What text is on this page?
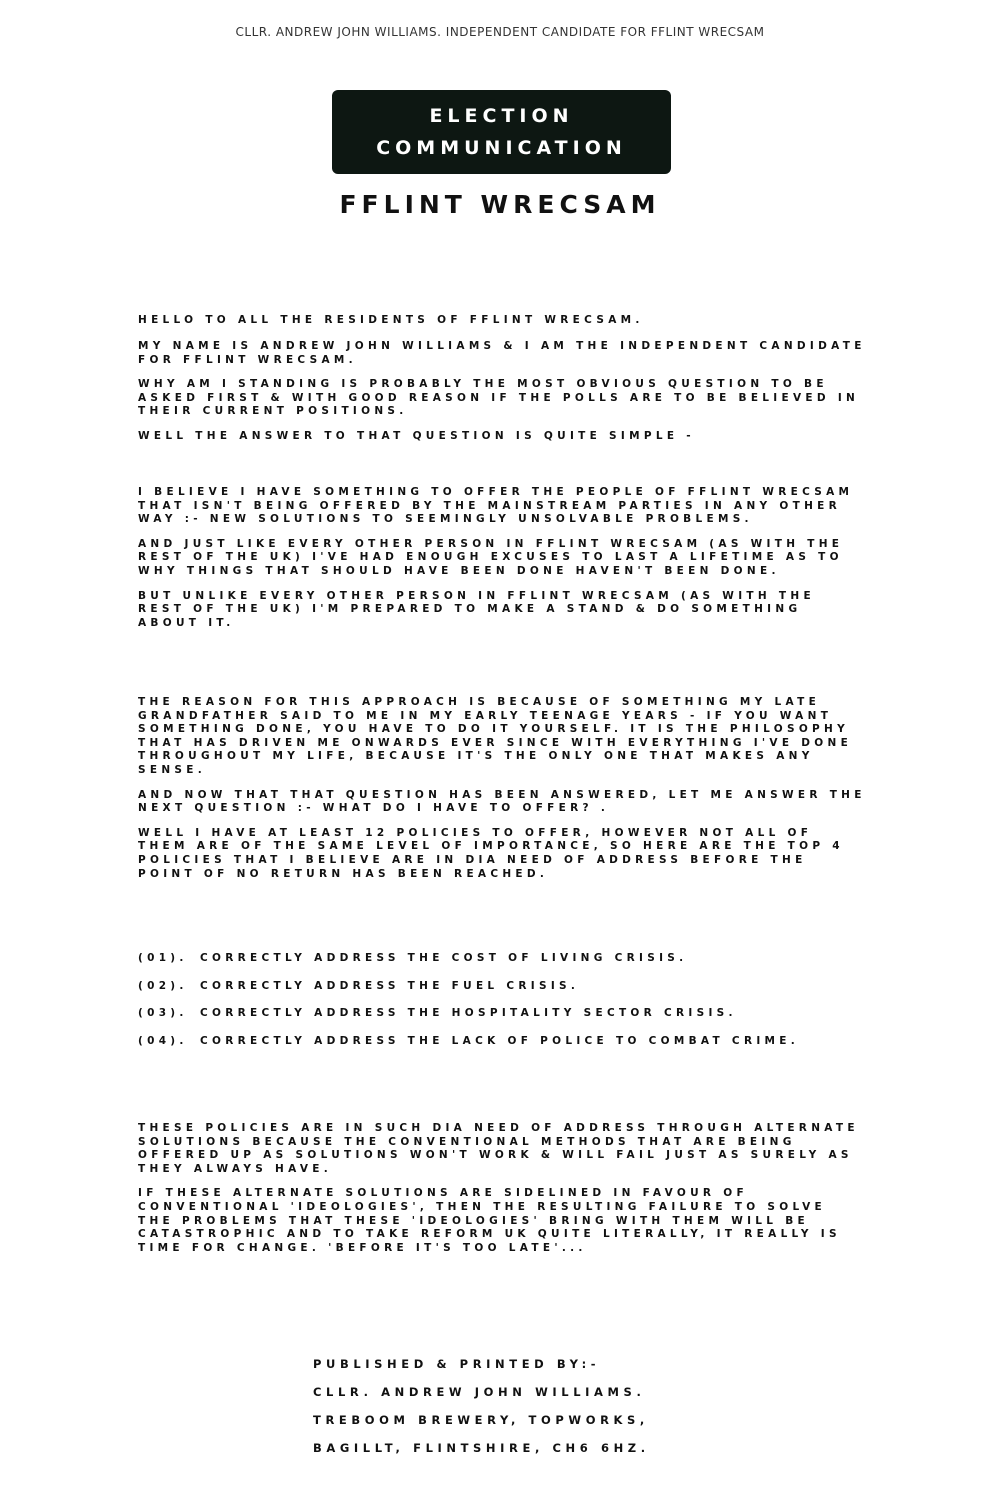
CLLR. ANDREW JOHN WILLIAMS. INDEPENDENT CANDIDATE FOR FFLINT WRECSAM
ELECTION
COMMUNICATION
FFLINT WRECSAM
HELLO TO ALL THE RESIDENTS OF FFLINT WRECSAM.

MY NAME IS ANDREW JOHN WILLIAMS & I AM THE INDEPENDENT CANDIDATE FOR FFLINT WRECSAM.

WHY AM I STANDING IS PROBABLY THE MOST OBVIOUS QUESTION TO BE ASKED FIRST & WITH GOOD REASON IF THE POLLS ARE TO BE BELIEVED IN THEIR CURRENT POSITIONS.

WELL THE ANSWER TO THAT QUESTION IS QUITE SIMPLE -

I BELIEVE I HAVE SOMETHING TO OFFER THE PEOPLE OF FFLINT WRECSAM THAT ISN'T BEING OFFERED BY THE MAINSTREAM PARTIES IN ANY OTHER WAY :- NEW SOLUTIONS TO SEEMINGLY UNSOLVABLE PROBLEMS.

AND JUST LIKE EVERY OTHER PERSON IN FFLINT WRECSAM (AS WITH THE REST OF THE UK) I'VE HAD ENOUGH EXCUSES TO LAST A LIFETIME AS TO WHY THINGS THAT SHOULD HAVE BEEN DONE HAVEN'T BEEN DONE.

BUT UNLIKE EVERY OTHER PERSON IN FFLINT WRECSAM (AS WITH THE REST OF THE UK) I'M PREPARED TO MAKE A STAND & DO SOMETHING ABOUT IT.

THE REASON FOR THIS APPROACH IS BECAUSE OF SOMETHING MY LATE GRANDFATHER SAID TO ME IN MY EARLY TEENAGE YEARS - IF YOU WANT SOMETHING DONE, YOU HAVE TO DO IT YOURSELF. IT IS THE PHILOSOPHY THAT HAS DRIVEN ME ONWARDS EVER SINCE WITH EVERYTHING I'VE DONE THROUGHOUT MY LIFE, BECAUSE IT'S THE ONLY ONE THAT MAKES ANY SENSE.

AND NOW THAT THAT QUESTION HAS BEEN ANSWERED, LET ME ANSWER THE NEXT QUESTION :- WHAT DO I HAVE TO OFFER? .

WELL I HAVE AT LEAST 12 POLICIES TO OFFER, HOWEVER NOT ALL OF THEM ARE OF THE SAME LEVEL OF IMPORTANCE, SO HERE ARE THE TOP 4 POLICIES THAT I BELIEVE ARE IN DIA NEED OF ADDRESS BEFORE THE POINT OF NO RETURN HAS BEEN REACHED.

(01).	CORRECTLY ADDRESS THE COST OF LIVING CRISIS.
(02).	CORRECTLY ADDRESS THE FUEL CRISIS.
(03).	CORRECTLY ADDRESS THE HOSPITALITY SECTOR CRISIS.
(04).	CORRECTLY ADDRESS THE LACK OF POLICE TO COMBAT CRIME.

THESE POLICIES ARE IN SUCH DIA NEED OF ADDRESS THROUGH ALTERNATE SOLUTIONS BECAUSE THE CONVENTIONAL METHODS THAT ARE BEING OFFERED UP AS SOLUTIONS WON'T WORK & WILL FAIL JUST AS SURELY AS THEY ALWAYS HAVE.

IF THESE ALTERNATE SOLUTIONS ARE SIDELINED IN FAVOUR OF CONVENTIONAL 'IDEOLOGIES', THEN THE RESULTING FAILURE TO SOLVE THE PROBLEMS THAT THESE 'IDEOLOGIES' BRING WITH THEM WILL BE CATASTROPHIC AND TO TAKE REFORM UK QUITE LITERALLY, IT REALLY IS TIME FOR CHANGE. 'BEFORE IT'S TOO LATE'...

PUBLISHED & PRINTED BY:-
CLLR. ANDREW JOHN WILLIAMS.
TREBOOM BREWERY, TOPWORKS,
BAGILLT, FLINTSHIRE, CH6 6HZ.
